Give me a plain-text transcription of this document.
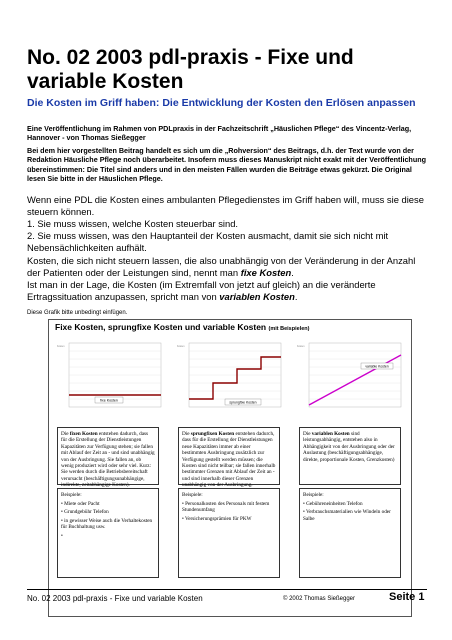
No. 02 2003 pdl-praxis - Fixe und variable Kosten
Die Kosten im Griff haben: Die Entwicklung der Kosten den Erlösen anpassen
Eine Veröffentlichung im Rahmen von PDLpraxis in der Fachzeitschrift „Häuslichen Pflege“ des Vincentz-Verlag, Hannover - von Thomas Sießegger
Bei dem hier vorgestellten Beitrag handelt es sich um die „Rohversion“ des Beitrags, d.h. der Text wurde von der Redaktion Häusliche Pflege noch überarbeitet. Insofern muss dieses Manuskript nicht exakt mit der Veröffentlichung übereinstimmen: Die Titel sind anders und in den meisten Fällen wurden die Beiträge etwas gekürzt. Die Original lesen Sie bitte in der Häuslichen Pflege.
Wenn eine PDL die Kosten eines ambulanten Pflegedienstes im Griff haben will, muss sie diese steuern können.
1. Sie muss wissen, welche Kosten steuerbar sind.
2. Sie muss wissen, was den Hauptanteil der Kosten ausmacht, damit sie sich nicht mit Nebensächlichkeiten aufhält.
Kosten, die sich nicht steuern lassen, die also unabhängig von der Veränderung in der Anzahl der Patienten oder der Leistungen sind, nennt man fixe Kosten.
Ist man in der Lage, die Kosten (im Extremfall von jetzt auf gleich) an die veränderte Ertragssituation anzupassen, spricht man von variablen Kosten.
Diese Grafik bitte unbedingt einfügen.
Fixe Kosten, sprungfixe Kosten und variable Kosten (mit Beispielen)
fixe Kosten
Kosten
sprungfixe Kosten
Kosten
variable Kosten
Kosten
Die fixen Kosten entstehen dadurch, dass für die Erstellung der Dienstleistungen Kapazitäten zur Verfügung stehen; sie fallen mit Ablauf der Zeit an - und sind unabhängig von der Ausbringung. Sie fallen an, ob wenig produziert wird oder sehr viel. Kurz: Sie werden durch die Betriebsbereitschaft verursacht (beschäftigungsunabhängige, indirekte, zeitabhängige Kosten).
Die sprungfixen Kosten entstehen dadurch, dass für die Erstellung der Dienstleistungen neue Kapazitäten immer ab einer bestimmten Ausbringung zusätzlich zur Verfügung gestellt werden müssen; die Kosten sind nicht teilbar; sie fallen innerhalb bestimmter Grenzen mit Ablauf der Zeit an - und sind innerhalb dieser Grenzen unabhängig von der Ausbringung.
Die variablen Kosten sind leistungsabhängig, entstehen also in Abhängigkeit von der Ausbringung oder der Auslastung (beschäftigungsabhängige, direkte, proportionale Kosten, Grenzkosten)
Beispiele:
• Miete oder Pacht
• Grundgebühr Telefon
• in gewisser Weise auch die Verhaltekosten für Buchhaltung usw.
•
Beispiele:
• Personalkosten des Personals mit festem Stundenumfang
• Versicherungsprämien für PKW
Beispiele:
• Gebühreneinheiten Telefon
• Verbrauchsmaterialien wie Windeln oder Salbe
No. 02 2003 pdl-praxis - Fixe und variable Kosten	© 2002 Thomas Sießegger	Seite 1
